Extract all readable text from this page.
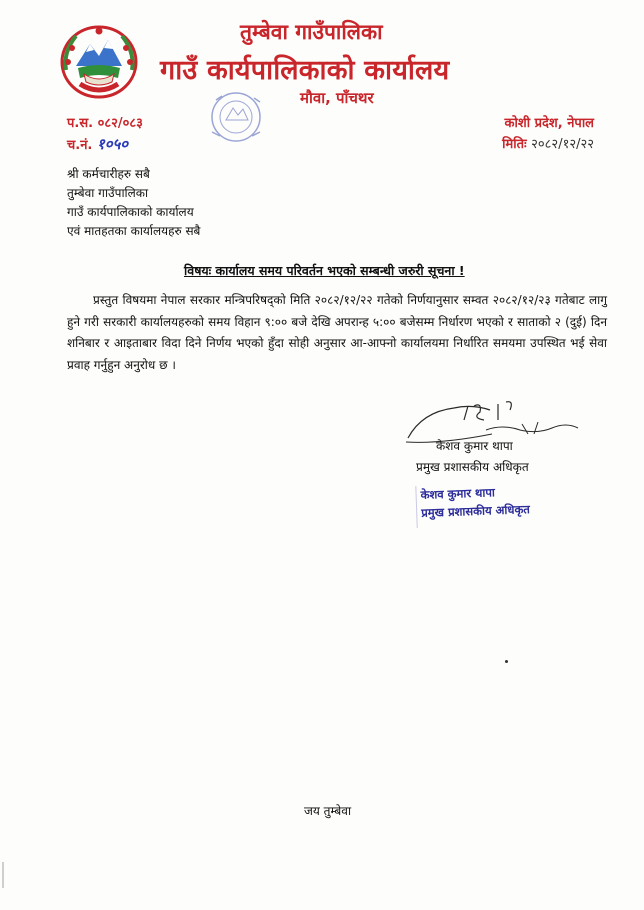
तुम्बेवा गाउँपालिका
गाउँ कार्यपालिकाको कार्यालय
मौवा, पाँचथर
प.स. ०८२/०८३
च.नं. १०५०
कोशी प्रदेश, नेपाल
मितिः २०८२/१२/२२
श्री कर्मचारीहरु सबै
तुम्बेवा गाउँपालिका
गाउँ कार्यपालिकाको कार्यालय
एवं मातहतका कार्यालयहरु सबै
विषयः कार्यालय समय परिवर्तन भएको सम्बन्धी जरुरी सूचना !
प्रस्तुत विषयमा नेपाल सरकार मन्त्रिपरिषद्को मिति २०८२/१२/२२ गतेको निर्णयानुसार सम्वत २०८२/१२/२३ गतेबाट लागु हुने गरी सरकारी कार्यालयहरुको समय विहान ९:०० बजे देखि अपरान्ह ५:०० बजेसम्म निर्धारण भएको र साताको २ (दुई) दिन शनिबार र आइताबार विदा दिने निर्णय भएको हुँदा सोही अनुसार आ-आफ्नो कार्यालयमा निर्धारित समयमा उपस्थित भई सेवा प्रवाह गर्नुहुन अनुरोध छ ।
केशव कुमार थापा
प्रमुख प्रशासकीय अधिकृत
केशव कुमार थापा
प्रमुख प्रशासकीय अधिकृत
जय तुम्बेवा
